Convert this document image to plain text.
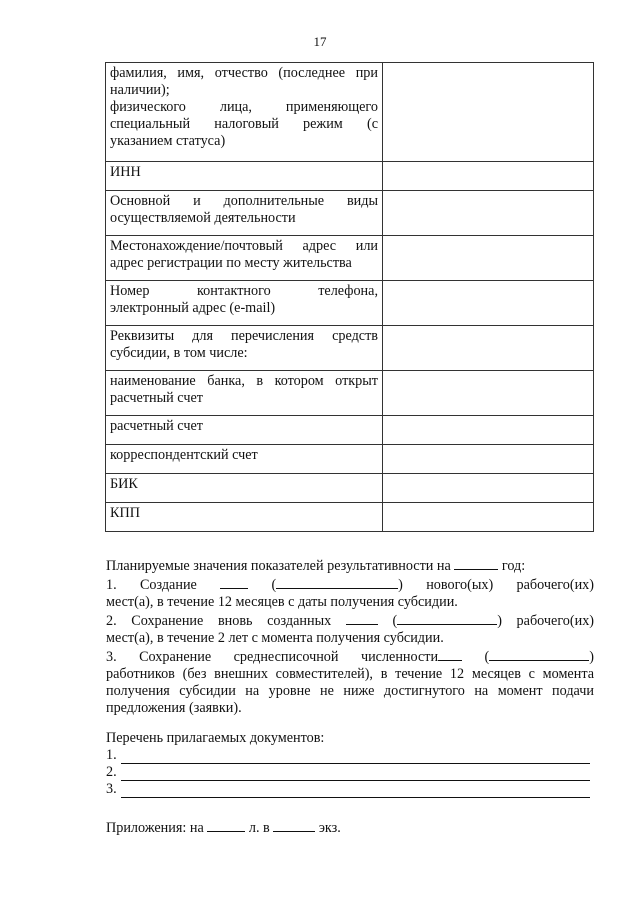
17
фамилия, имя, отчество (последнее при
наличии);
физического лица, применяющего
специальный налоговый режим (с
указанием статуса)	

ИНН	

Основной и дополнительные виды
осуществляемой деятельности	

Местонахождение/почтовый адрес или
адрес регистрации по месту жительства	

Номер контактного телефона,
электронный адрес (e-mail)	

Реквизиты для перечисления средств
субсидии, в том числе:	

наименование банка, в котором открыт
расчетный счет	

расчетный счет	

корреспондентский счет	

БИК	

КПП	

Планируемые значения показателей результативности на	год:
1. Создание	(	) нового(ых) рабочего(их)
мест(а), в течение 12 месяцев с даты получения субсидии.
2. Сохранение вновь созданных	(	) рабочего(их)
мест(а), в течение 2 лет с момента получения субсидии.
3. Сохранение среднесписочной численности	(	)
работников (без внешних совместителей), в течение 12 месяцев с момента
получения субсидии на уровне не ниже достигнутого на момент подачи
предложения (заявки).
Перечень прилагаемых документов:
1.
2.
3.
Приложения: на	л. в	экз.
